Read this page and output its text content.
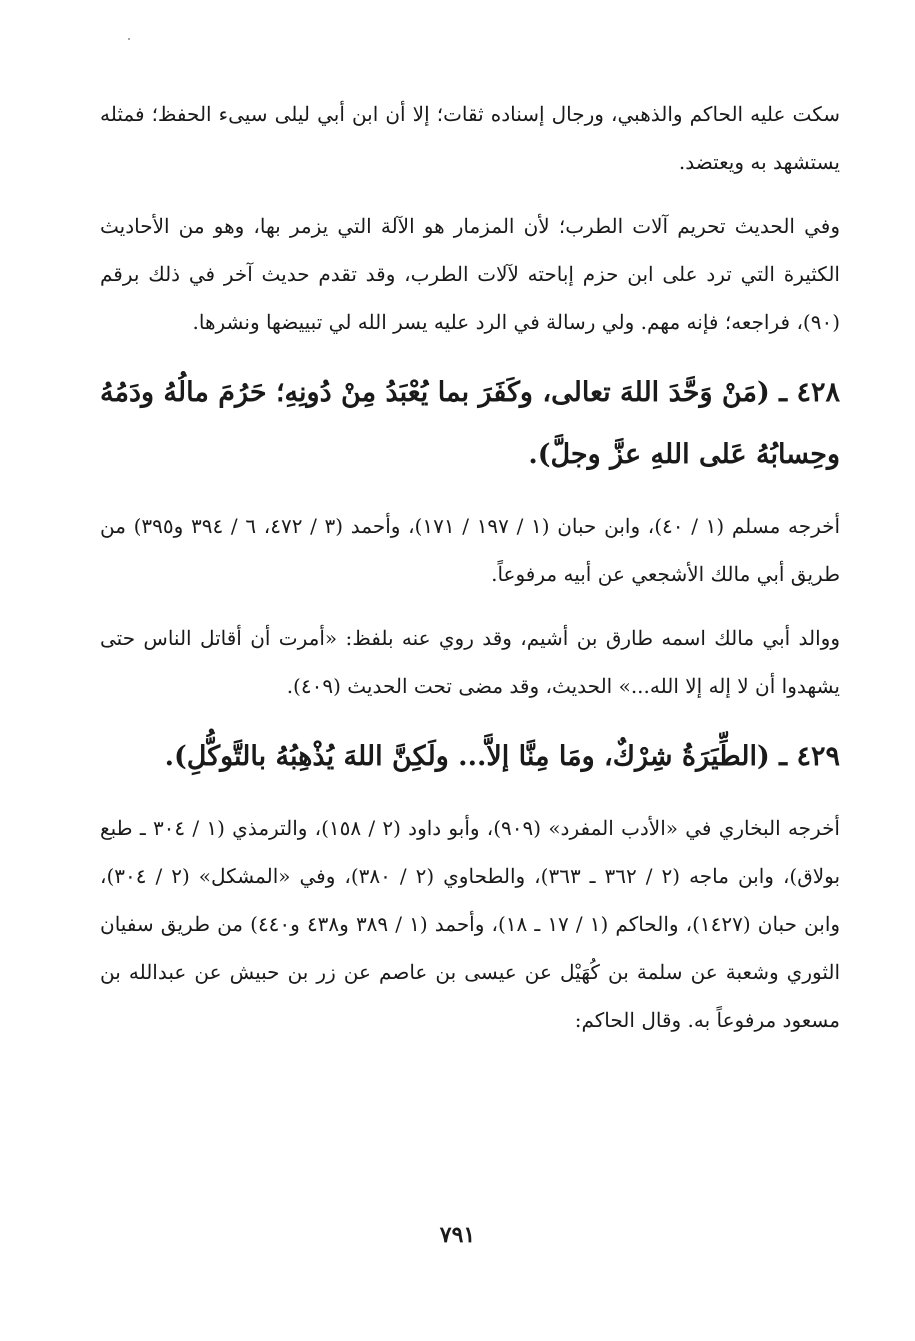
سكت عليه الحاكم والذهبي، ورجال إسناده ثقات؛ إلا أن ابن أبي ليلى سيىء الحفظ؛ فمثله يستشهد به ويعتضد.

وفي الحديث تحريم آلات الطرب؛ لأن المزمار هو الآلة التي يزمر بها، وهو من الأحاديث الكثيرة التي ترد على ابن حزم إباحته لآلات الطرب، وقد تقدم حديث آخر في ذلك برقم (٩٠)، فراجعه؛ فإنه مهم. ولي رسالة في الرد عليه يسر الله لي تبييضها ونشرها.

٤٢٨ ـ (مَنْ وَحَّدَ اللهَ تعالى، وكَفَرَ بما يُعْبَدُ مِنْ دُونِهِ؛ حَرُمَ مالُهُ ودَمُهُ وحِسابُهُ عَلى اللهِ عزَّ وجلَّ).

أخرجه مسلم (١ / ٤٠)، وابن حبان (١ / ١٩٧ / ١٧١)، وأحمد (٣ / ٤٧٢، ٦ / ٣٩٤ و٣٩٥) من طريق أبي مالك الأشجعي عن أبيه مرفوعاً.

ووالد أبي مالك اسمه طارق بن أشيم، وقد روي عنه بلفظ: «أمرت أن أقاتل الناس حتى يشهدوا أن لا إله إلا الله...» الحديث، وقد مضى تحت الحديث (٤٠٩).

٤٢٩ ـ (الطِّيَرَةُ شِرْكٌ، ومَا مِنَّا إلاَّ... ولَكِنَّ اللهَ يُذْهِبُهُ بالتَّوكُّلِ).

أخرجه البخاري في «الأدب المفرد» (٩٠٩)، وأبو داود (٢ / ١٥٨)، والترمذي (١ / ٣٠٤ ـ طبع بولاق)، وابن ماجه (٢ / ٣٦٢ ـ ٣٦٣)، والطحاوي (٢ / ٣٨٠)، وفي «المشكل» (٢ / ٣٠٤)، وابن حبان (١٤٢٧)، والحاكم (١ / ١٧ ـ ١٨)، وأحمد (١ / ٣٨٩ و٤٣٨ و٤٤٠) من طريق سفيان الثوري وشعبة عن سلمة بن كُهَيْل عن عيسى بن عاصم عن زر بن حبيش عن عبدالله بن مسعود مرفوعاً به. وقال الحاكم:

٧٩١
